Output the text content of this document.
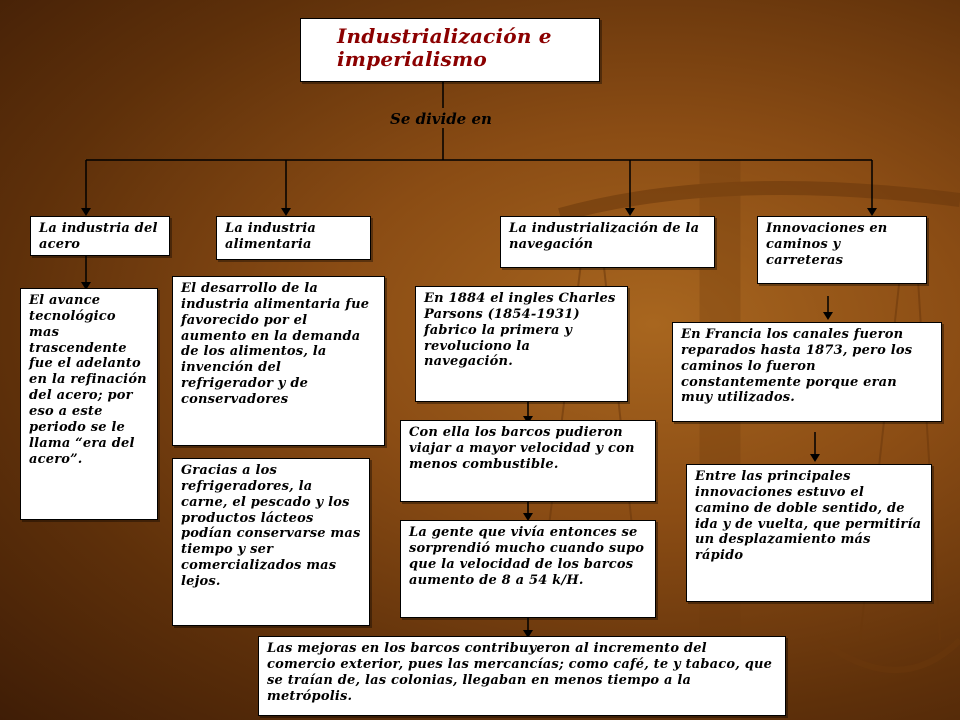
Industrialización e imperialismo
Se divide en
La industria del acero
La industria alimentaria
La industrialización de la navegación
Innovaciones en caminos y carreteras
El avance tecnológico mas trascendente fue el adelanto en la refinación del acero; por eso a este periodo se le llama “era del acero”.
El desarrollo de la industria alimentaria fue favorecido por el aumento en la demanda de los alimentos, la invención del refrigerador y de conservadores
Gracias a los refrigeradores, la carne, el pescado y los productos lácteos podían conservarse mas tiempo y ser comercializados mas lejos.
En 1884 el ingles Charles Parsons (1854-1931) fabrico la primera y revoluciono la navegación.
Con ella los barcos pudieron viajar a mayor velocidad y con menos combustible.
La gente que vivía entonces se sorprendió mucho cuando supo que la velocidad de los barcos aumento de 8 a 54 k/H.
Las mejoras en los barcos contribuyeron al incremento del comercio exterior, pues las mercancías; como café, te y tabaco, que se traían de, las colonias, llegaban en menos tiempo a la metrópolis.
En Francia los canales fueron reparados hasta 1873, pero los caminos lo fueron constantemente porque eran muy utilizados.
Entre las principales innovaciones estuvo el camino de doble sentido, de ida y de vuelta, que permitiría un desplazamiento más rápido
